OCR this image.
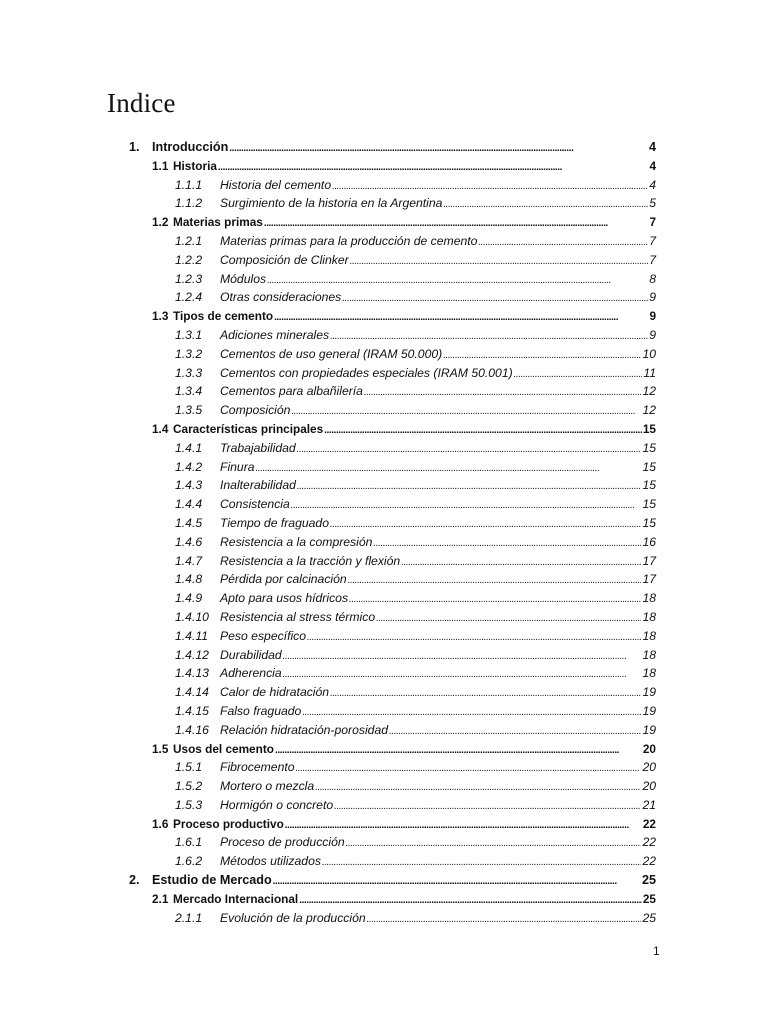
Indice
1. Introducción . . .	4
1.1 Historia . . .	4
1.1.1 Historia del cemento . . .	4
1.1.2 Surgimiento de la historia en la Argentina . . .	5
1.2 Materias primas . . .	7
1.2.1 Materias primas para la producción de cemento . . .	7
1.2.2 Composición de Clinker . . .	7
1.2.3 Módulos . . .	8
1.2.4 Otras consideraciones . . .	9
1.3 Tipos de cemento . . .	9
1.3.1 Adiciones minerales . . .	9
1.3.2 Cementos de uso general (IRAM 50.000) . . .	10
1.3.3 Cementos con propiedades especiales (IRAM 50.001) . . .	11
1.3.4 Cementos para albañilería . . .	12
1.3.5 Composición . . .	12
1.4 Características principales . . .	15
1.4.1 Trabajabilidad . . .	15
1.4.2 Finura . . .	15
1.4.3 Inalterabilidad . . .	15
1.4.4 Consistencia . . .	15
1.4.5 Tiempo de fraguado . . .	15
1.4.6 Resistencia a la compresión . . .	16
1.4.7 Resistencia a la tracción y flexión . . .	17
1.4.8 Pérdida por calcinación . . .	17
1.4.9 Apto para usos hídricos . . .	18
1.4.10 Resistencia al stress térmico . . .	18
1.4.11 Peso específico . . .	18
1.4.12 Durabilidad . . .	18
1.4.13 Adherencia . . .	18
1.4.14 Calor de hidratación . . .	19
1.4.15 Falso fraguado . . .	19
1.4.16 Relación hidratación-porosidad . . .	19
1.5 Usos del cemento . . .	20
1.5.1 Fibrocemento . . .	20
1.5.2 Mortero o mezcla . . .	20
1.5.3 Hormigón o concreto . . .	21
1.6 Proceso productivo . . .	22
1.6.1 Proceso de producción . . .	22
1.6.2 Métodos utilizados . . .	22
2. Estudio de Mercado . . .	25
2.1 Mercado Internacional . . .	25
2.1.1 Evolución de la producción . . .	25
1
